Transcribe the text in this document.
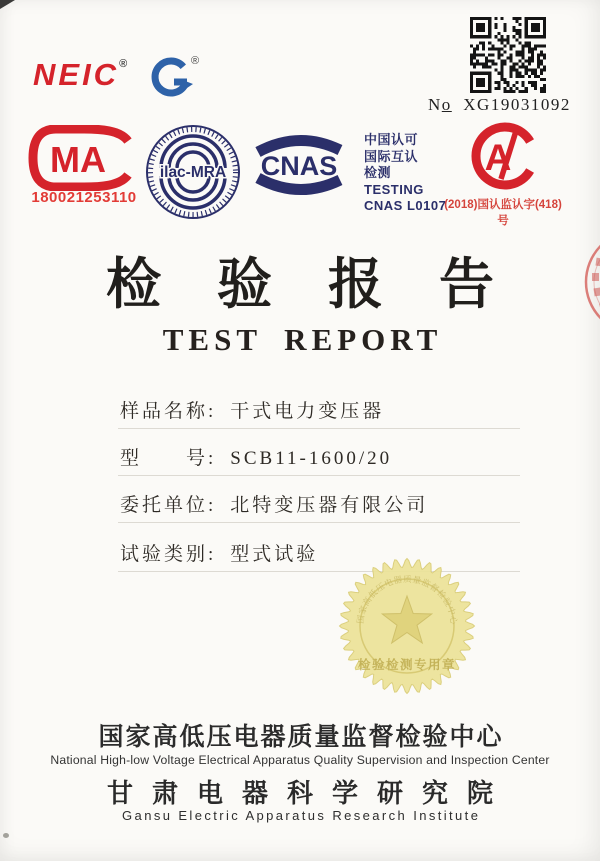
NEIC®	®
No XG19031092
MA
180021253110
ilac-MRA CNAS
中国认可
国际互认
检测
TESTING
CNAS L0107
A
(2018)国认监认字(418)号
检验报告
TEST REPORT
样品名称: 干式电力变压器
型　　号: SCB11-1600/20
委托单位: 北特变压器有限公司
试验类别: 型式试验
国家高低压电器质量监督检验中心
检验检测专用章
国家高低压电器质量监督检验中心
National High-low Voltage Electrical Apparatus Quality Supervision and Inspection Center
甘肃电器科学研究院
Gansu Electric Apparatus Research Institute
